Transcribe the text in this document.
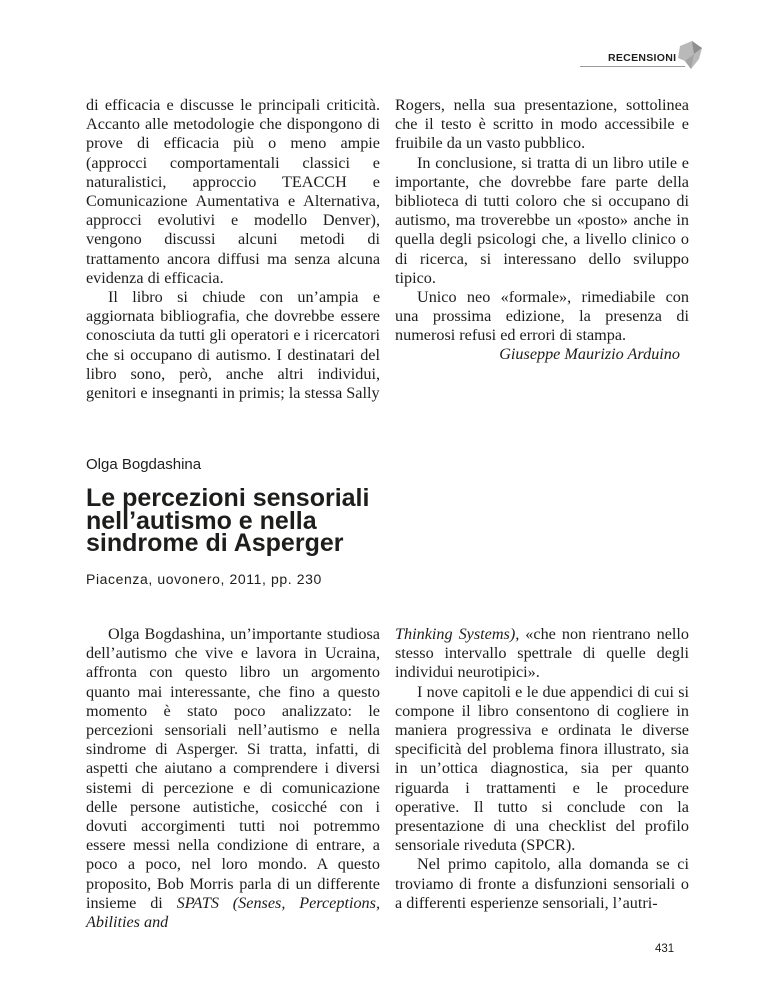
RECENSIONI

di efficacia e discusse le principali criticità. Accanto alle metodologie che dispongono di prove di efficacia più o meno ampie (approcci comportamentali classici e naturalistici, approccio TEACCH e Comunicazione Aumentativa e Alternativa, approcci evolutivi e modello Denver), vengono discussi alcuni metodi di trattamento ancora diffusi ma senza alcuna evidenza di efficacia.

Il libro si chiude con un’ampia e aggiornata bibliografia, che dovrebbe essere conosciuta da tutti gli operatori e i ricercatori che si occupano di autismo. I destinatari del libro sono, però, anche altri individui, genitori e insegnanti in primis; la stessa Sally

Rogers, nella sua presentazione, sottolinea che il testo è scritto in modo accessibile e fruibile da un vasto pubblico.

In conclusione, si tratta di un libro utile e importante, che dovrebbe fare parte della biblioteca di tutti coloro che si occupano di autismo, ma troverebbe un «posto» anche in quella degli psicologi che, a livello clinico o di ricerca, si interessano dello sviluppo tipico.

Unico neo «formale», rimediabile con una prossima edizione, la presenza di numerosi refusi ed errori di stampa.

Giuseppe Maurizio Arduino
Olga Bogdashina
Le percezioni sensoriali nell’autismo e nella sindrome di Asperger
Piacenza, uovonero, 2011, pp. 230

Olga Bogdashina, un’importante studiosa dell’autismo che vive e lavora in Ucraina, affronta con questo libro un argomento quanto mai interessante, che fino a questo momento è stato poco analizzato: le percezioni sensoriali nell’autismo e nella sindrome di Asperger. Si tratta, infatti, di aspetti che aiutano a comprendere i diversi sistemi di percezione e di comunicazione delle persone autistiche, cosicché con i dovuti accorgimenti tutti noi potremmo essere messi nella condizione di entrare, a poco a poco, nel loro mondo. A questo proposito, Bob Morris parla di un differente insieme di SPATS (Senses, Perceptions, Abilities and

Thinking Systems), «che non rientrano nello stesso intervallo spettrale di quelle degli individui neurotipici».

I nove capitoli e le due appendici di cui si compone il libro consentono di cogliere in maniera progressiva e ordinata le diverse specificità del problema finora illustrato, sia in un’ottica diagnostica, sia per quanto riguarda i trattamenti e le procedure operative. Il tutto si conclude con la presentazione di una checklist del profilo sensoriale riveduta (SPCR).

Nel primo capitolo, alla domanda se ci troviamo di fronte a disfunzioni sensoriali o a differenti esperienze sensoriali, l’autri-

431
